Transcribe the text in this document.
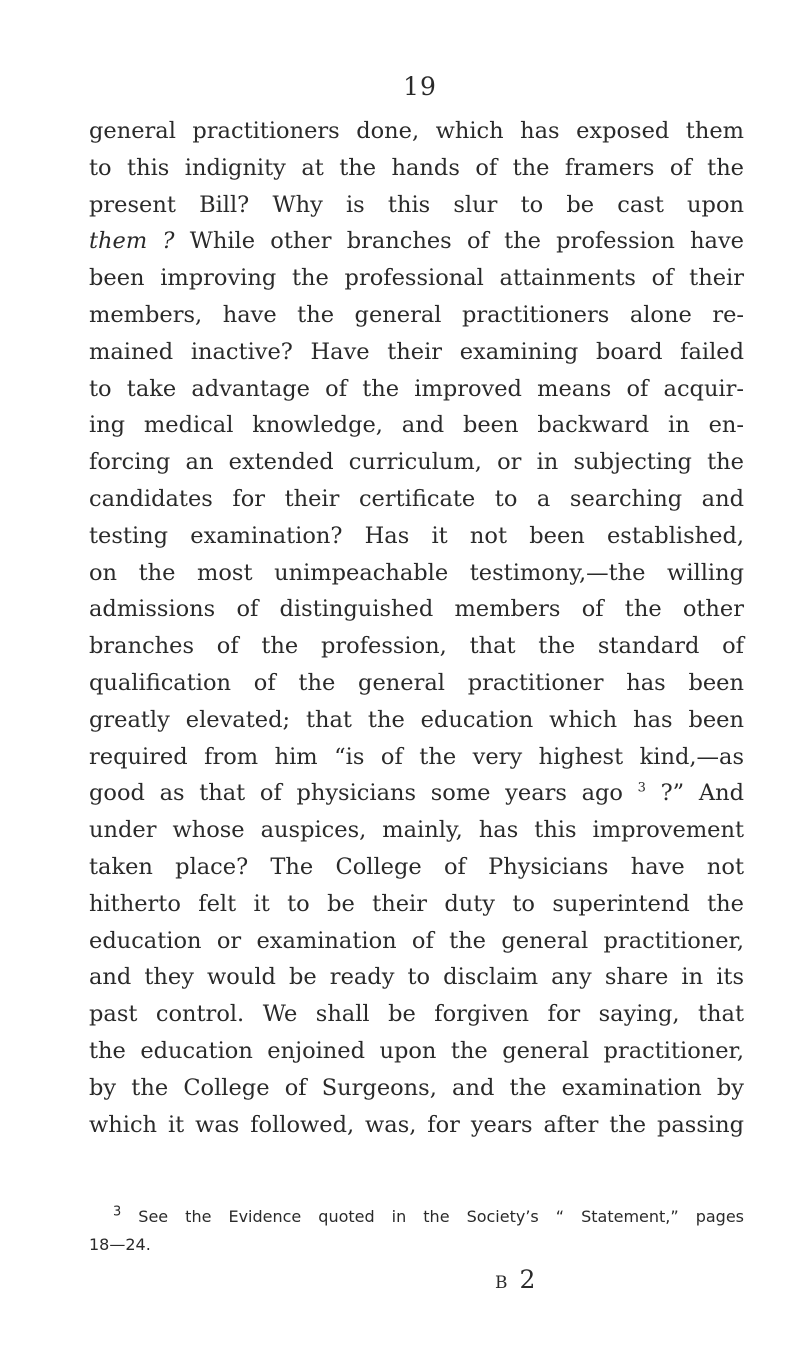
19
general practitioners done, which has exposed them
to this indignity at the hands of the framers of the
present Bill? Why is this slur to be cast upon
them ? While other branches of the profession have
been improving the professional attainments of their
members, have the general practitioners alone re-
mained inactive? Have their examining board failed
to take advantage of the improved means of acquir-
ing medical knowledge, and been backward in en-
forcing an extended curriculum, or in subjecting the
candidates for their certificate to a searching and
testing examination? Has it not been established,
on the most unimpeachable testimony,—the willing
admissions of distinguished members of the other
branches of the profession, that the standard of
qualification of the general practitioner has been
greatly elevated; that the education which has been
required from him “is of the very highest kind,—as
good as that of physicians some years ago $^3$ ?” And
under whose auspices, mainly, has this improvement
taken place? The College of Physicians have not
hitherto felt it to be their duty to superintend the
education or examination of the general practitioner,
and they would be ready to disclaim any share in its
past control. We shall be forgiven for saying, that
the education enjoined upon the general practitioner,
by the College of Surgeons, and the examination by
which it was followed, was, for years after the passing
$^3$ See the Evidence quoted in the Society’s “ Statement,” pages
18—24.
B 2
